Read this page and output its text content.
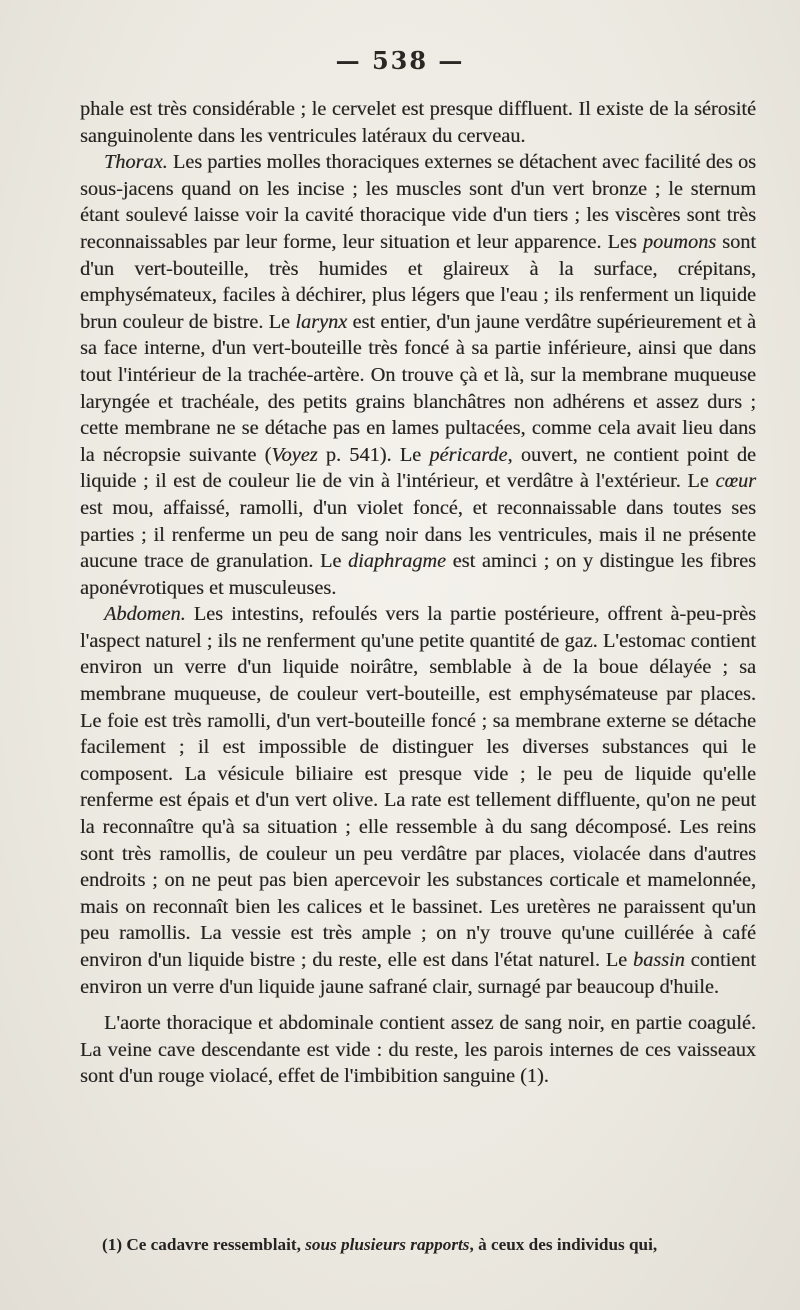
— 538 —

phale est très considérable ; le cervelet est presque diffluent. Il existe de la sérosité sanguinolente dans les ventricules latéraux du cerveau.

Thorax. Les parties molles thoraciques externes se détachent avec facilité des os sous-jacens quand on les incise ; les muscles sont d'un vert bronze ; le sternum étant soulevé laisse voir la cavité thoracique vide d'un tiers ; les viscères sont très reconnaissables par leur forme, leur situation et leur apparence. Les poumons sont d'un vert-bouteille, très humides et glaireux à la surface, crépitans, emphysémateux, faciles à déchirer, plus légers que l'eau ; ils renferment un liquide brun couleur de bistre. Le larynx est entier, d'un jaune verdâtre supérieurement et à sa face interne, d'un vert-bouteille très foncé à sa partie inférieure, ainsi que dans tout l'intérieur de la trachée-artère. On trouve çà et là, sur la membrane muqueuse laryngée et trachéale, des petits grains blanchâtres non adhérens et assez durs ; cette membrane ne se détache pas en lames pultacées, comme cela avait lieu dans la nécropsie suivante (Voyez p. 541). Le péricarde, ouvert, ne contient point de liquide ; il est de couleur lie de vin à l'intérieur, et verdâtre à l'extérieur. Le cœur est mou, affaissé, ramolli, d'un violet foncé, et reconnaissable dans toutes ses parties ; il renferme un peu de sang noir dans les ventricules, mais il ne présente aucune trace de granulation. Le diaphragme est aminci ; on y distingue les fibres aponévrotiques et musculeuses.

Abdomen. Les intestins, refoulés vers la partie postérieure, offrent à-peu-près l'aspect naturel ; ils ne renferment qu'une petite quantité de gaz. L'estomac contient environ un verre d'un liquide noirâtre, semblable à de la boue délayée ; sa membrane muqueuse, de couleur vert-bouteille, est emphysémateuse par places. Le foie est très ramolli, d'un vert-bouteille foncé ; sa membrane externe se détache facilement ; il est impossible de distinguer les diverses substances qui le composent. La vésicule biliaire est presque vide ; le peu de liquide qu'elle renferme est épais et d'un vert olive. La rate est tellement diffluente, qu'on ne peut la reconnaître qu'à sa situation ; elle ressemble à du sang décomposé. Les reins sont très ramollis, de couleur un peu verdâtre par places, violacée dans d'autres endroits ; on ne peut pas bien apercevoir les substances corticale et mamelonnée, mais on reconnaît bien les calices et le bassinet. Les uretères ne paraissent qu'un peu ramollis. La vessie est très ample ; on n'y trouve qu'une cuillérée à café environ d'un liquide bistre ; du reste, elle est dans l'état naturel. Le bassin contient environ un verre d'un liquide jaune safrané clair, surnagé par beaucoup d'huile.

L'aorte thoracique et abdominale contient assez de sang noir, en partie coagulé. La veine cave descendante est vide : du reste, les parois internes de ces vaisseaux sont d'un rouge violacé, effet de l'imbibition sanguine (1).

(1) Ce cadavre ressemblait, sous plusieurs rapports, à ceux des individus qui,
